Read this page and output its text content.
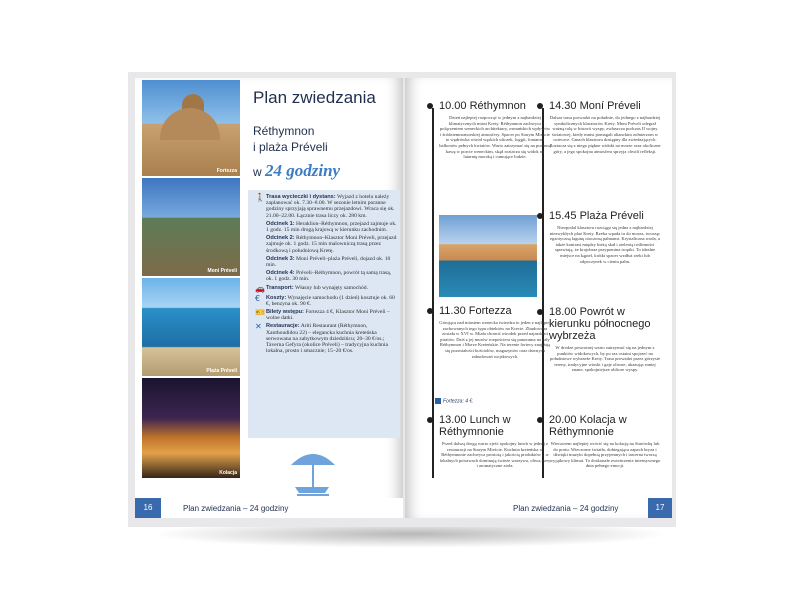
Fortezza
Moni Préveli
Plaża Préveli
Kolacja
Plan zwiedzania
Réthymnon
i plaża Préveli
w 24 godziny
🚶 Trasa wycieczki i dystans: Wyjazd z hotelu należy zaplanować ok. 7.30–8.00. W sezonie letnim poranne godziny sprzyjają sprawnemu przejazdowi. Wraca się ok. 21.00–22.00. Łącznie trasa liczy ok. 280 km.
Odcinek 1: Heraklion–Réthymnon, przejazd zajmuje ok. 1 godz. 15 min drogą krajową w kierunku zachodnim.
Odcinek 2: Réthymnon–Klasztor Moni Préveli, przejazd zajmuje ok. 1 godz. 15 min malowniczą trasą przez środkową i południową Kretę.
Odcinek 3: Moni Préveli–plaża Préveli, dojazd ok. 10 min.
Odcinek 4: Préveli–Réthymnon, powrót tą samą trasą, ok. 1 godz. 30 min.
🚗 Transport: Własny lub wynajęty samochód.
€	Koszty: Wynajęcie samochodu (1 dzień) kosztuje ok. 60 €, benzyna ok. 90 €.
🎫 Bilety wstępu: Fortezza 4 €, Klasztor Moni Préveli – wolne datki.
✕ Restauracje: Ariti Restaurant (Réthymnon, Xanthoudidou 22) – elegancka kuchnia kreteńska serwowana na zabytkowym dziedzińcu; 20–30 €/os.; Taverna Gefyra (okolice Préveli) – tradycyjna kuchnia lokalna, prosto i smacznie; 15–20 €/os.
16	Plan zwiedzania – 24 godziny
10.00 Réthymnon

Dzień najlepiej rozpocząć w jednym z najbardziej klimatycznych miast Krety. Réthymnon zachwyca połączeniem weneckich architektury, osmańskich wpływów i śródziemnomorskiej atmosfery. Spacer po Starym Mieście to wędrówka wśród wąskich uliczek, loggii, fontann i balkonów pełnych kwiatów. Warto zatrzymać się na poranną kawę w porcie weneckim, skąd roztacza się widok na latarnię morską i cumujące łodzie.

11.30 Fortezza

Górująca nad miastem wenecka twierdza to jeden z najlepiej zachowanych tego typu obiektów na Krecie. Zbudowana została w XVI w. Miała chronić ośrodek przed najazdami piratów. Dziś z jej murów rozpościera się panorama na cały Réthymnon i Morze Kreteńskie. Na terenie fortecy znajdują się pozostałości kościołów, magazynów oraz dawnych zabudowań wojskowych.

Fortezza: 4 €.
13.00 Lunch w Réthymnonie

Przed dalszą drogą warto zjeść spokojny lunch w jednej z restauracji na Starym Mieście. Kuchnia kreteńska w Réthymnonie zachwyca prostotą i jakością produktów – w lokalnych potrawach dominują świeże warzywa, oliwa, sery i aromatyczne zioła.

14.30 Moní Préveli

Dalsza trasa prowadzi na południe, do jednego z najbardziej symbolicznych klasztorów Krety. Moni Préveli odegrał ważną rolę w historii wyspy, zwłaszcza podczas II wojny światowej, kiedy mnisi pomagali alianckim żołnierzom w ucieczce. Gmach klasztoru dostępny dla zwiedzających. Roztacza się z niego piękne widoki na morze oraz okoliczne góry, a jego spokojna atmosfera sprzyja chwili refleksji.

15.45 Plaża Préveli

Nieopodal klasztoru rozciąga się jedna z najbardziej niezwykłych plaż Krety. Rzeka wpada tu do morza, tworząc egzotyczną lagunę otoczoną palmami. Krystaliczna woda, a także kontrast między bieżą skał i zielenią roślinności sprawiają, że krajobraz przypomina tropiki. To idealne miejsce na kąpiel, krótki spacer wzdłuż rzeki lub odpoczynek w cieniu palm.

18.00 Powrót w kierunku północnego wybrzeża

W drodze powrotnej warto zatrzymać się na jednym z punktów widokowych, by po raz ostatni spojrzeć na południowe wybrzeże Krety. Trasa prowadzi przez górzyste tereny, tradycyjne wioski i gaje oliwne, ukazując mniej znane, spokojniejsze oblicze wyspy.

20.00 Kolacja w Réthymnonie

Wieczorem najlepiej wrócić się na kolację na Starówkę lub do portu. Wieczorne światła, dobiegająca zapach bryza i dźwięki muzyki dopełnią przyjemnych i tawerna tworzą wyjątkowy klimat. To doskonałe zwieńczenie intensywnego dnia pełnego emocji.

Plan zwiedzania – 24 godziny	17
